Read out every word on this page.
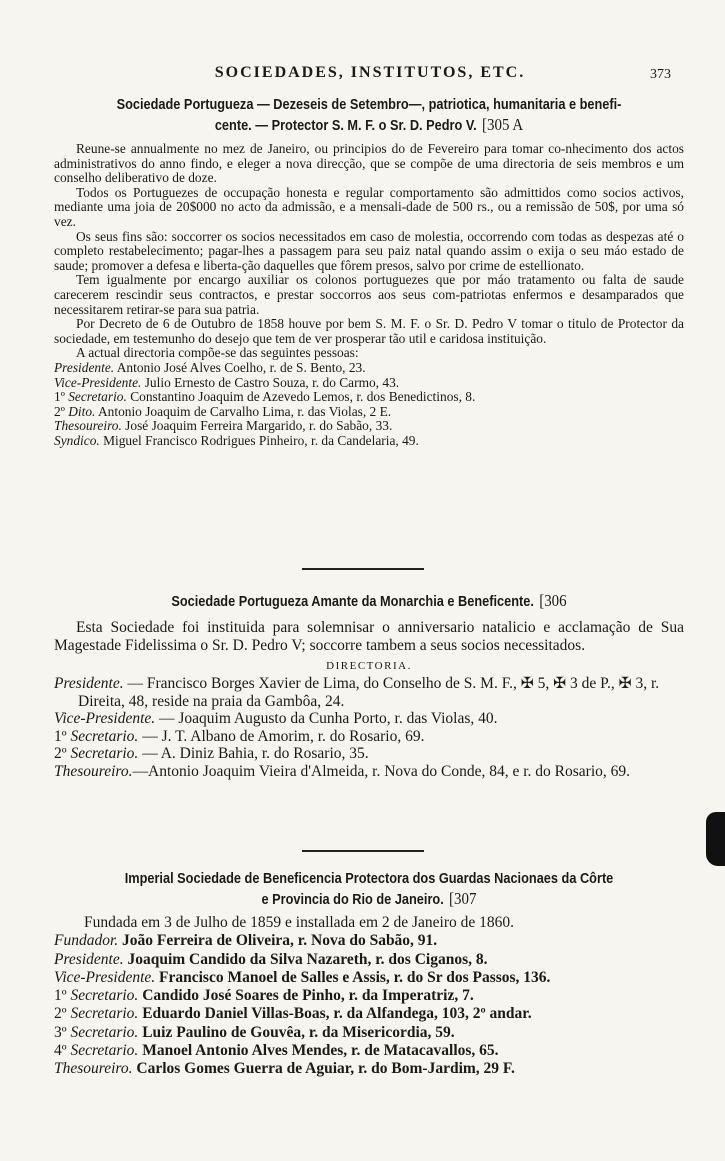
SOCIEDADES, INSTITUTOS, ETC.	373
Sociedade Portugueza — Dezeseis de Setembro—, patriotica, humanitaria e benefi-
cente. — Protector S. M. F. o Sr. D. Pedro V. [305 A
Reune-se annualmente no mez de Janeiro, ou principios do de Fevereiro para tomar co-nhecimento dos actos administrativos do anno findo, e eleger a nova direcção, que se compõe de uma directoria de seis membros e um conselho deliberativo de doze.
Todos os Portuguezes de occupação honesta e regular comportamento são admittidos como socios activos, mediante uma joia de 20$000 no acto da admissão, e a mensali-dade de 500 rs., ou a remissão de 50$, por uma só vez.
Os seus fins são: soccorrer os socios necessitados em caso de molestia, occorrendo com todas as despezas até o completo restabelecimento; pagar-lhes a passagem para seu paiz natal quando assim o exija o seu máo estado de saude; promover a defesa e liberta-ção daquelles que fôrem presos, salvo por crime de estellionato.
Tem igualmente por encargo auxiliar os colonos portuguezes que por máo tratamento ou falta de saude carecerem rescindir seus contractos, e prestar soccorros aos seus com-patriotas enfermos e desamparados que necessitarem retirar-se para sua patria.
Por Decreto de 6 de Outubro de 1858 houve por bem S. M. F. o Sr. D. Pedro V tomar o titulo de Protector da sociedade, em testemunho do desejo que tem de ver prosperar tão util e caridosa instituição.
A actual directoria compõe-se das seguintes pessoas:
Presidente. Antonio José Alves Coelho, r. de S. Bento, 23.
Vice-Presidente. Julio Ernesto de Castro Souza, r. do Carmo, 43.
1º Secretario. Constantino Joaquim de Azevedo Lemos, r. dos Benedictinos, 8.
2º Dito. Antonio Joaquim de Carvalho Lima, r. das Violas, 2 E.
Thesoureiro. José Joaquim Ferreira Margarido, r. do Sabão, 33.
Syndico. Miguel Francisco Rodrigues Pinheiro, r. da Candelaria, 49.
Sociedade Portugueza Amante da Monarchia e Beneficente. [306
Esta Sociedade foi instituida para solemnisar o anniversario natalicio e acclamação de Sua Magestade Fidelissima o Sr. D. Pedro V; soccorre tambem a seus socios necessitados.
DIRECTORIA.
Presidente. — Francisco Borges Xavier de Lima, do Conselho de S. M. F., ✠ 5, ✠ 3 de P., ✠ 3, r. Direita, 48, reside na praia da Gambôa, 24.
Vice-Presidente. — Joaquim Augusto da Cunha Porto, r. das Violas, 40.
1º Secretario. — J. T. Albano de Amorim, r. do Rosario, 69.
2º Secretario. — A. Diniz Bahia, r. do Rosario, 35.
Thesoureiro.—Antonio Joaquim Vieira d'Almeida, r. Nova do Conde, 84, e r. do Rosario, 69.
Imperial Sociedade de Beneficencia Protectora dos Guardas Nacionaes da Côrte
e Provincia do Rio de Janeiro. [307
Fundada em 3 de Julho de 1859 e installada em 2 de Janeiro de 1860.
Fundador. João Ferreira de Oliveira, r. Nova do Sabão, 91.
Presidente. Joaquim Candido da Silva Nazareth, r. dos Ciganos, 8.
Vice-Presidente. Francisco Manoel de Salles e Assis, r. do Sr dos Passos, 136.
1º Secretario. Candido José Soares de Pinho, r. da Imperatriz, 7.
2º Secretario. Eduardo Daniel Villas-Boas, r. da Alfandega, 103, 2º andar.
3º Secretario. Luiz Paulino de Gouvêa, r. da Misericordia, 59.
4º Secretario. Manoel Antonio Alves Mendes, r. de Matacavallos, 65.
Thesoureiro. Carlos Gomes Guerra de Aguiar, r. do Bom-Jardim, 29 F.
